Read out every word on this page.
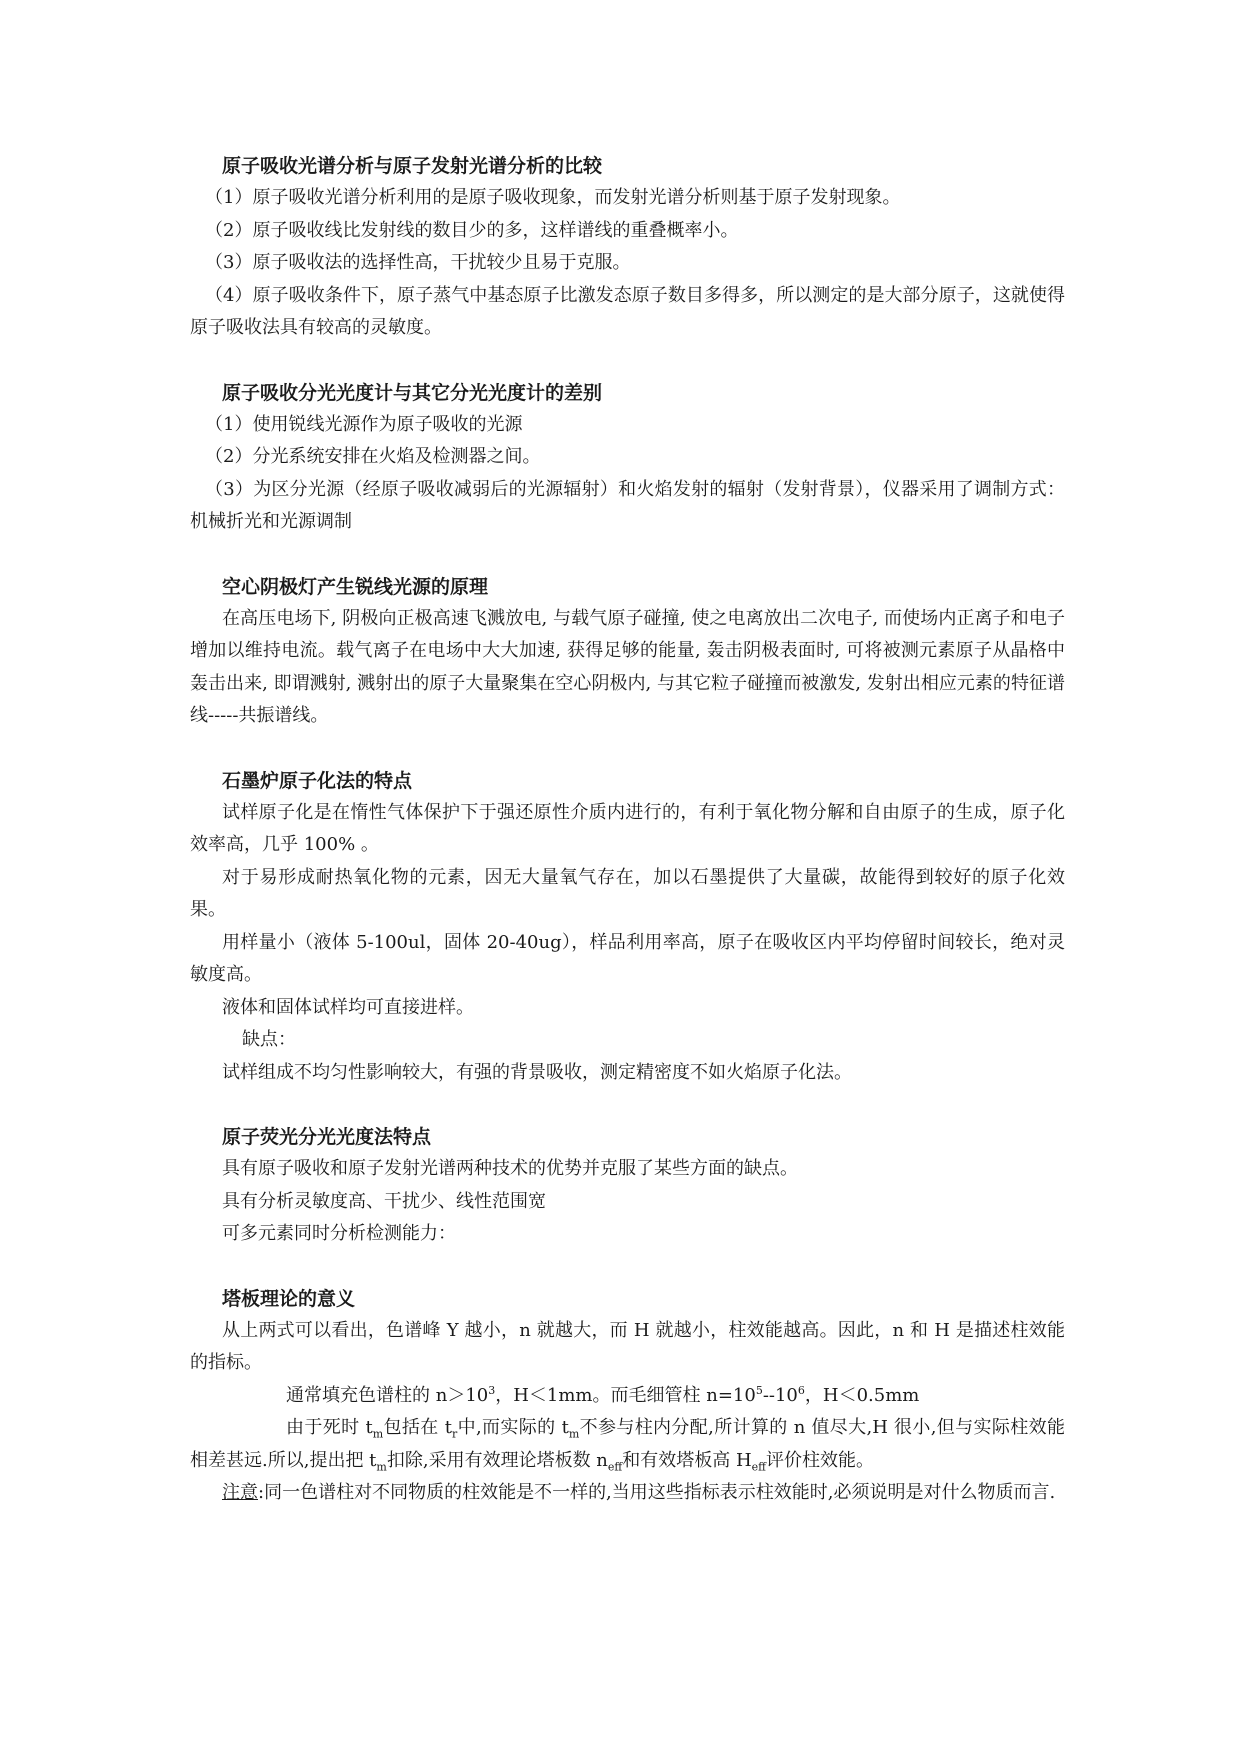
原子吸收光谱分析与原子发射光谱分析的比较

（1）原子吸收光谱分析利用的是原子吸收现象，而发射光谱分析则基于原子发射现象。

（2）原子吸收线比发射线的数目少的多，这样谱线的重叠概率小。

（3）原子吸收法的选择性高，干扰较少且易于克服。

（4）原子吸收条件下，原子蒸气中基态原子比激发态原子数目多得多，所以测定的是大部分原子，这就使得原子吸收法具有较高的灵敏度。

原子吸收分光光度计与其它分光光度计的差别

（1）使用锐线光源作为原子吸收的光源

（2）分光系统安排在火焰及检测器之间。

（3）为区分光源（经原子吸收减弱后的光源辐射）和火焰发射的辐射（发射背景），仪器采用了调制方式：机械折光和光源调制

空心阴极灯产生锐线光源的原理

在高压电场下, 阴极向正极高速飞溅放电, 与载气原子碰撞, 使之电离放出二次电子, 而使场内正离子和电子增加以维持电流。载气离子在电场中大大加速, 获得足够的能量, 轰击阴极表面时, 可将被测元素原子从晶格中轰击出来, 即谓溅射, 溅射出的原子大量聚集在空心阴极内, 与其它粒子碰撞而被激发, 发射出相应元素的特征谱线-----共振谱线。

石墨炉原子化法的特点

试样原子化是在惰性气体保护下于强还原性介质内进行的，有利于氧化物分解和自由原子的生成，原子化效率高，几乎 100% 。

对于易形成耐热氧化物的元素，因无大量氧气存在，加以石墨提供了大量碳，故能得到较好的原子化效果。

用样量小（液体 5-100ul，固体 20-40ug），样品利用率高，原子在吸收区内平均停留时间较长，绝对灵敏度高。

液体和固体试样均可直接进样。

缺点：

试样组成不均匀性影响较大，有强的背景吸收，测定精密度不如火焰原子化法。

原子荧光分光光度法特点

具有原子吸收和原子发射光谱两种技术的优势并克服了某些方面的缺点。

具有分析灵敏度高、干扰少、线性范围宽

可多元素同时分析检测能力：

塔板理论的意义

从上两式可以看出，色谱峰 Y 越小，n 就越大，而 H 就越小，柱效能越高。因此，n 和 H 是描述柱效能的指标。

通常填充色谱柱的 $n>10^3$，H＜1mm。而毛细管柱 $n=10^5--10^6$，H＜0.5mm

由于死时 $t_m$包括在 $t_r$中,而实际的 $t_m$不参与柱内分配,所计算的 n 值尽大,H 很小,但与实际柱效能相差甚远.所以,提出把 $t_m$扣除,采用有效理论塔板数 $n_{eff}$和有效塔板高 $H_{eff}$评价柱效能。

注意:同一色谱柱对不同物质的柱效能是不一样的,当用这些指标表示柱效能时,必须说明是对什么物质而言.
